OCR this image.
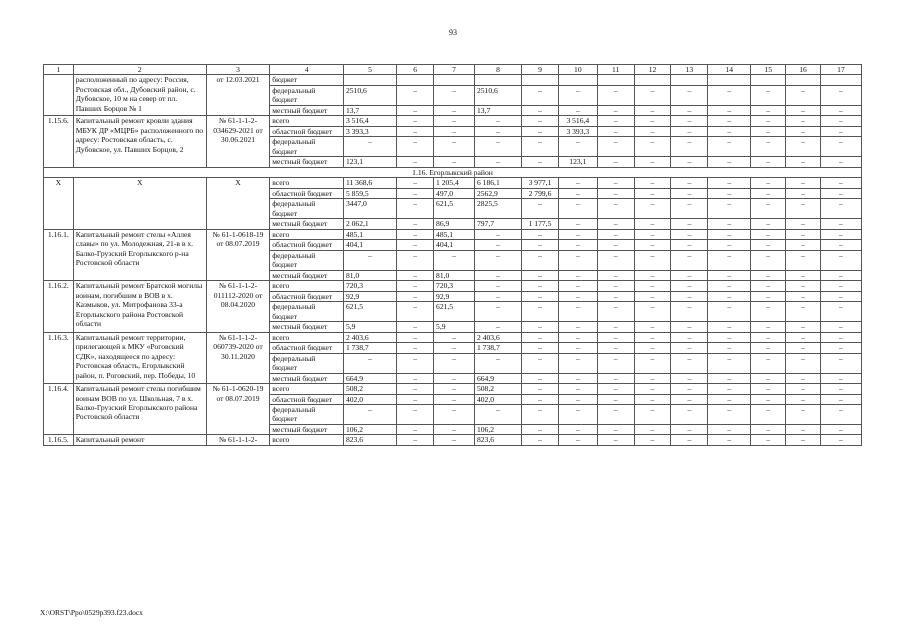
93
1	2	3	4	5	6	7	8	9	10	11	12	13	14	15	16	17
	расположенный по адресу: Россия, Ростовская обл., Дубовский район, с. Дубовское, 10 м на север от пл. Павших Борцов № 1	от 12.03.2021	бюджет													
			федеральный бюджет	2510,6	–	–	2510,6	–	–	–	–	–	–	–	–	–
			местный бюджет	13,7	–	–	13,7	–	–	–	–	–	–	–	–	–
1.15.6.	Капитальный ремонт кровли здания МБУК ДР «МЦРБ» расположенного по адресу: Ростовская область, с. Дубовское, ул. Павших Борцов, 2	№ 61-1-1-2-034629-2021 от 30.06.2021	всего	3 516,4	–	–	–	–	3 516,4	–	–	–	–	–	–	–
			областной бюджет	3 393,3	–	–	–	–	3 393,3	–	–	–	–	–	–	–
			федеральный бюджет	–	–	–	–	–	–	–	–	–	–	–	–	–
			местный бюджет	123,1	–	–	–	–	123,1	–	–	–	–	–	–	–
1.16. Егорлыкский район																
Х	Х	Х	всего	11 368,6	–	1 205,4	6 186,1	3 977,1	–	–	–	–	–	–	–	–
			областной бюджет	5 859,5	–	497,0	2562,9	2 799,6	–	–	–	–	–	–	–	–
			федеральный бюджет	3447,0	–	621,5	2825,5	–	–	–	–	–	–	–	–	–
			местный бюджет	2 062,1	–	86,9	797,7	1 177,5	–	–	–	–	–	–	–	–
1.16.1.	Капитальный ремонт стелы «Аллея славы» по ул. Молодежная, 21-в в х. Балко-Грузский Егорлыкского р-на Ростовской области	№ 61-1-0618-19 от 08.07.2019	всего	485,1	–	485,1	–	–	–	–	–	–	–	–	–	–
			областной бюджет	404,1	–	404,1	–	–	–	–	–	–	–	–	–	–
			федеральный бюджет	–	–	–	–	–	–	–	–	–	–	–	–	–
			местный бюджет	81,0	–	81,0	–	–	–	–	–	–	–	–	–	–
1.16.2.	Капитальный ремонт Братской могилы воинам, погибшим в ВОВ в х. Казмыков, ул. Митрофанова 33-а Егорлыкского района Ростовской области	№ 61-1-1-2-011112-2020 от 08.04.2020	всего	720,3	–	720,3	–	–	–	–	–	–	–	–	–	–
			областной бюджет	92,9	–	92,9	–	–	–	–	–	–	–	–	–	–
			федеральный бюджет	621,5	–	621,5	–	–	–	–	–	–	–	–	–	–
			местный бюджет	5,9	–	5,9	–	–	–	–	–	–	–	–	–	–
1.16.3.	Капитальный ремонт территории, прилегающей к МКУ «Роговский СДК», находящееся по адресу: Ростовская область, Егорлыкский район, п. Роговский, пер. Победы, 10	№ 61-1-1-2-060739-2020 от 30.11.2020	всего	2 403,6	–	–	2 403,6	–	–	–	–	–	–	–	–	–
			областной бюджет	1 738,7	–	–	1 738,7	–	–	–	–	–	–	–	–	–
			федеральный бюджет	–	–	–	–	–	–	–	–	–	–	–	–	–
			местный бюджет	664,9	–	–	664,9	–	–	–	–	–	–	–	–	–
1.16.4.	Капитальный ремонт стелы погибшим воинам ВОВ по ул. Школьная, 7 в х. Балко-Грузский Егорлыкского района Ростовской области	№ 61-1-0620-19 от 08.07.2019	всего	508,2	–	–	508,2	–	–	–	–	–	–	–	–	–
			областной бюджет	402,0	–	–	402,0	–	–	–	–	–	–	–	–	–
			федеральный бюджет	–	–	–	–	–	–	–	–	–	–	–	–	–
			местный бюджет	106,2	–	–	106,2	–	–	–	–	–	–	–	–	–
1.16.5.	Капитальный ремонт	№ 61-1-1-2-	всего	823,6	–	–	823,6	–	–	–	–	–	–	–	–	–
X:\ORST\Ppo\0529p393.f23.docx
